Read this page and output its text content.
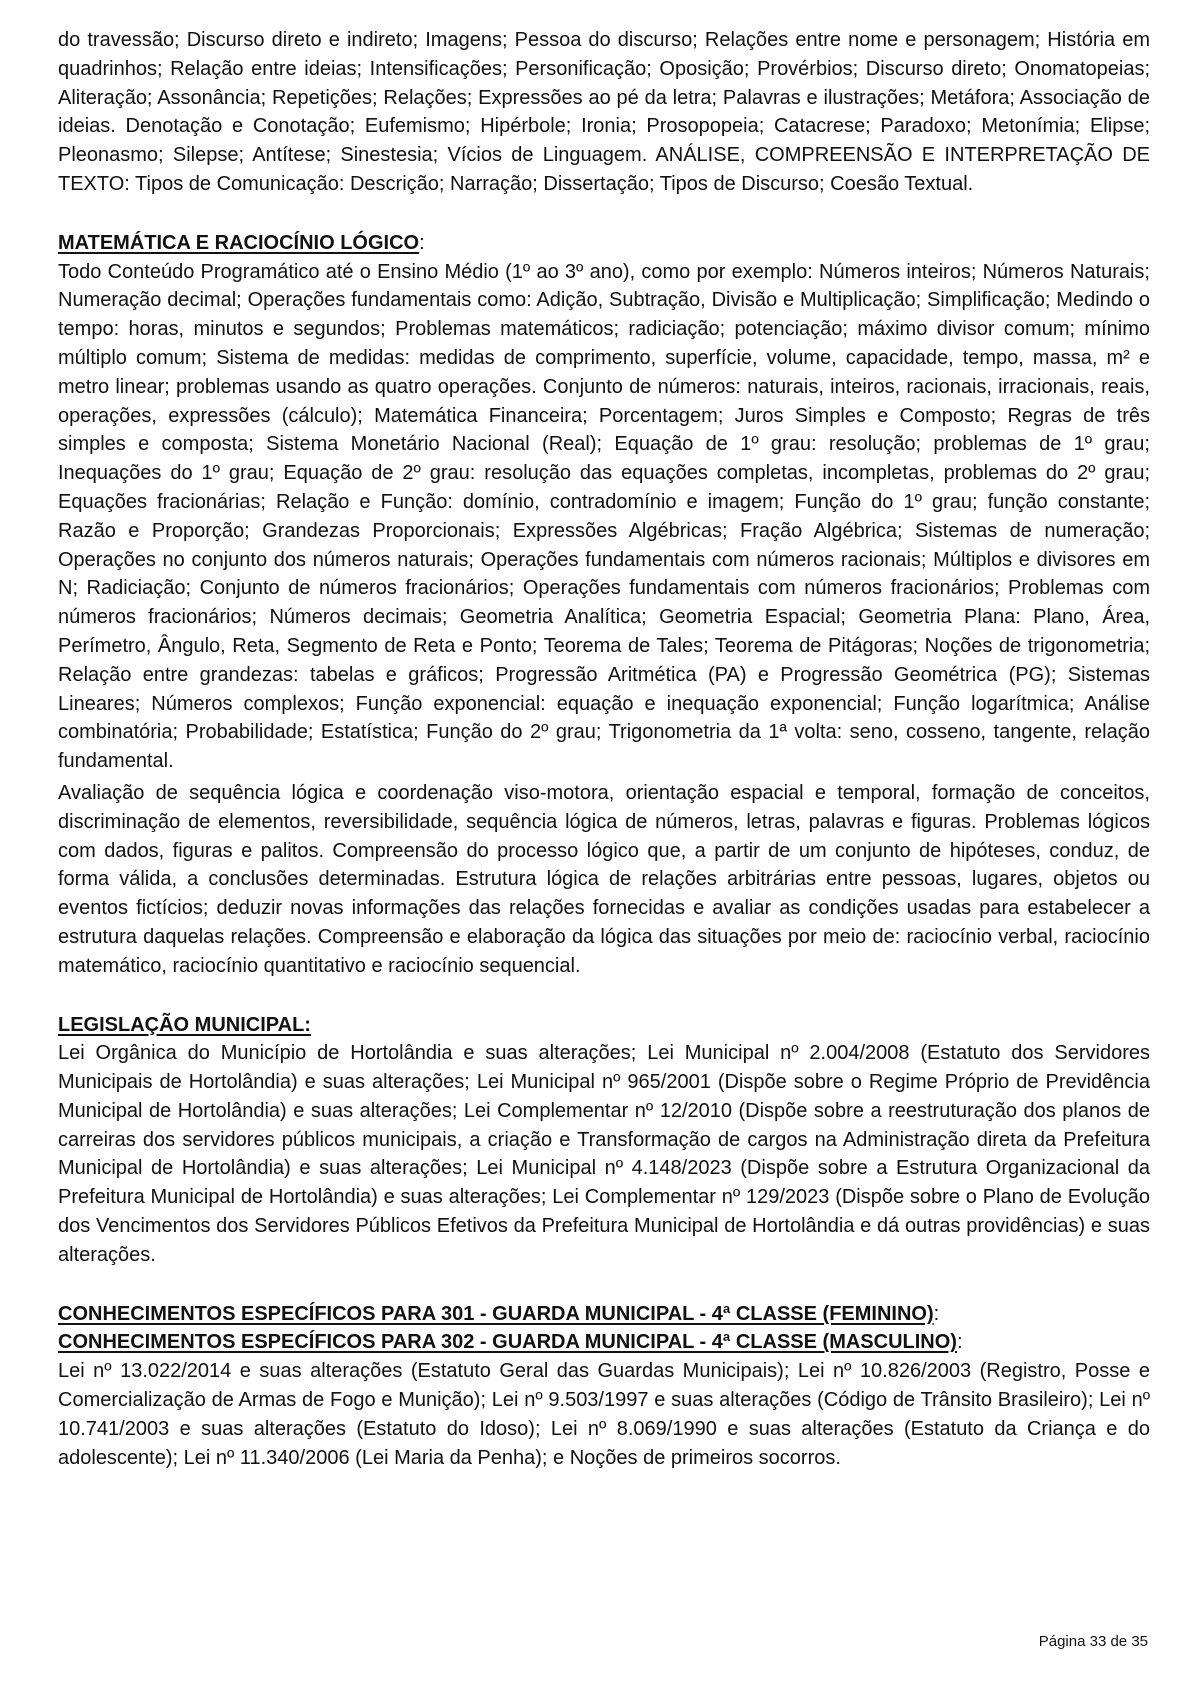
do travessão; Discurso direto e indireto; Imagens; Pessoa do discurso; Relações entre nome e personagem; História em quadrinhos; Relação entre ideias; Intensificações; Personificação; Oposição; Provérbios; Discurso direto; Onomatopeias; Aliteração; Assonância; Repetições; Relações; Expressões ao pé da letra; Palavras e ilustrações; Metáfora; Associação de ideias. Denotação e Conotação; Eufemismo; Hipérbole; Ironia; Prosopopeia; Catacrese; Paradoxo; Metonímia; Elipse; Pleonasmo; Silepse; Antítese; Sinestesia; Vícios de Linguagem. ANÁLISE, COMPREENSÃO E INTERPRETAÇÃO DE TEXTO: Tipos de Comunicação: Descrição; Narração; Dissertação; Tipos de Discurso; Coesão Textual.

MATEMÁTICA E RACIOCÍNIO LÓGICO:

Todo Conteúdo Programático até o Ensino Médio (1º ao 3º ano), como por exemplo: Números inteiros; Números Naturais; Numeração decimal; Operações fundamentais como: Adição, Subtração, Divisão e Multiplicação; Simplificação; Medindo o tempo: horas, minutos e segundos; Problemas matemáticos; radiciação; potenciação; máximo divisor comum; mínimo múltiplo comum; Sistema de medidas: medidas de comprimento, superfície, volume, capacidade, tempo, massa, m² e metro linear; problemas usando as quatro operações. Conjunto de números: naturais, inteiros, racionais, irracionais, reais, operações, expressões (cálculo); Matemática Financeira; Porcentagem; Juros Simples e Composto; Regras de três simples e composta; Sistema Monetário Nacional (Real); Equação de 1º grau: resolução; problemas de 1º grau; Inequações do 1º grau; Equação de 2º grau: resolução das equações completas, incompletas, problemas do 2º grau; Equações fracionárias; Relação e Função: domínio, contradomínio e imagem; Função do 1º grau; função constante; Razão e Proporção; Grandezas Proporcionais; Expressões Algébricas; Fração Algébrica; Sistemas de numeração; Operações no conjunto dos números naturais; Operações fundamentais com números racionais; Múltiplos e divisores em N; Radiciação; Conjunto de números fracionários; Operações fundamentais com números fracionários; Problemas com números fracionários; Números decimais; Geometria Analítica; Geometria Espacial; Geometria Plana: Plano, Área, Perímetro, Ângulo, Reta, Segmento de Reta e Ponto; Teorema de Tales; Teorema de Pitágoras; Noções de trigonometria; Relação entre grandezas: tabelas e gráficos; Progressão Aritmética (PA) e Progressão Geométrica (PG); Sistemas Lineares; Números complexos; Função exponencial: equação e inequação exponencial; Função logarítmica; Análise combinatória; Probabilidade; Estatística; Função do 2º grau; Trigonometria da 1ª volta: seno, cosseno, tangente, relação fundamental.

Avaliação de sequência lógica e coordenação viso-motora, orientação espacial e temporal, formação de conceitos, discriminação de elementos, reversibilidade, sequência lógica de números, letras, palavras e figuras. Problemas lógicos com dados, figuras e palitos. Compreensão do processo lógico que, a partir de um conjunto de hipóteses, conduz, de forma válida, a conclusões determinadas. Estrutura lógica de relações arbitrárias entre pessoas, lugares, objetos ou eventos fictícios; deduzir novas informações das relações fornecidas e avaliar as condições usadas para estabelecer a estrutura daquelas relações. Compreensão e elaboração da lógica das situações por meio de: raciocínio verbal, raciocínio matemático, raciocínio quantitativo e raciocínio sequencial.

LEGISLAÇÃO MUNICIPAL:

Lei Orgânica do Município de Hortolândia e suas alterações; Lei Municipal nº 2.004/2008 (Estatuto dos Servidores Municipais de Hortolândia) e suas alterações; Lei Municipal nº 965/2001 (Dispõe sobre o Regime Próprio de Previdência Municipal de Hortolândia) e suas alterações; Lei Complementar nº 12/2010 (Dispõe sobre a reestruturação dos planos de carreiras dos servidores públicos municipais, a criação e Transformação de cargos na Administração direta da Prefeitura Municipal de Hortolândia) e suas alterações; Lei Municipal nº 4.148/2023 (Dispõe sobre a Estrutura Organizacional da Prefeitura Municipal de Hortolândia) e suas alterações; Lei Complementar nº 129/2023 (Dispõe sobre o Plano de Evolução dos Vencimentos dos Servidores Públicos Efetivos da Prefeitura Municipal de Hortolândia e dá outras providências) e suas alterações.

CONHECIMENTOS ESPECÍFICOS PARA 301 - GUARDA MUNICIPAL - 4ª CLASSE (FEMININO):

CONHECIMENTOS ESPECÍFICOS PARA 302 - GUARDA MUNICIPAL - 4ª CLASSE (MASCULINO):

Lei nº 13.022/2014 e suas alterações (Estatuto Geral das Guardas Municipais); Lei nº 10.826/2003 (Registro, Posse e Comercialização de Armas de Fogo e Munição); Lei nº 9.503/1997 e suas alterações (Código de Trânsito Brasileiro); Lei nº 10.741/2003 e suas alterações (Estatuto do Idoso); Lei nº 8.069/1990 e suas alterações (Estatuto da Criança e do adolescente); Lei nº 11.340/2006 (Lei Maria da Penha); e Noções de primeiros socorros.

Página 33 de 35
